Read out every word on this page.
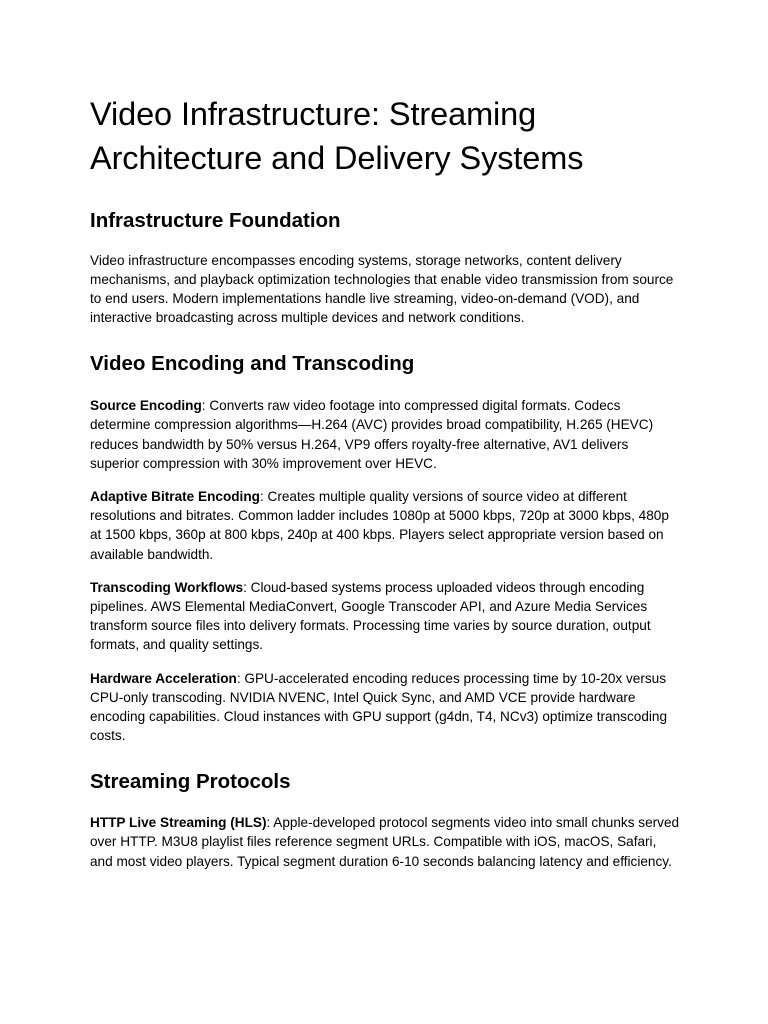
Video Infrastructure: Streaming Architecture and Delivery Systems
Infrastructure Foundation

Video infrastructure encompasses encoding systems, storage networks, content delivery mechanisms, and playback optimization technologies that enable video transmission from source to end users. Modern implementations handle live streaming, video-on-demand (VOD), and interactive broadcasting across multiple devices and network conditions.

Video Encoding and Transcoding

Source Encoding: Converts raw video footage into compressed digital formats. Codecs determine compression algorithms—H.264 (AVC) provides broad compatibility, H.265 (HEVC) reduces bandwidth by 50% versus H.264, VP9 offers royalty-free alternative, AV1 delivers superior compression with 30% improvement over HEVC.

Adaptive Bitrate Encoding: Creates multiple quality versions of source video at different resolutions and bitrates. Common ladder includes 1080p at 5000 kbps, 720p at 3000 kbps, 480p at 1500 kbps, 360p at 800 kbps, 240p at 400 kbps. Players select appropriate version based on available bandwidth.

Transcoding Workflows: Cloud-based systems process uploaded videos through encoding pipelines. AWS Elemental MediaConvert, Google Transcoder API, and Azure Media Services transform source files into delivery formats. Processing time varies by source duration, output formats, and quality settings.

Hardware Acceleration: GPU-accelerated encoding reduces processing time by 10-20x versus CPU-only transcoding. NVIDIA NVENC, Intel Quick Sync, and AMD VCE provide hardware encoding capabilities. Cloud instances with GPU support (g4dn, T4, NCv3) optimize transcoding costs.

Streaming Protocols

HTTP Live Streaming (HLS): Apple-developed protocol segments video into small chunks served over HTTP. M3U8 playlist files reference segment URLs. Compatible with iOS, macOS, Safari, and most video players. Typical segment duration 6-10 seconds balancing latency and efficiency.
